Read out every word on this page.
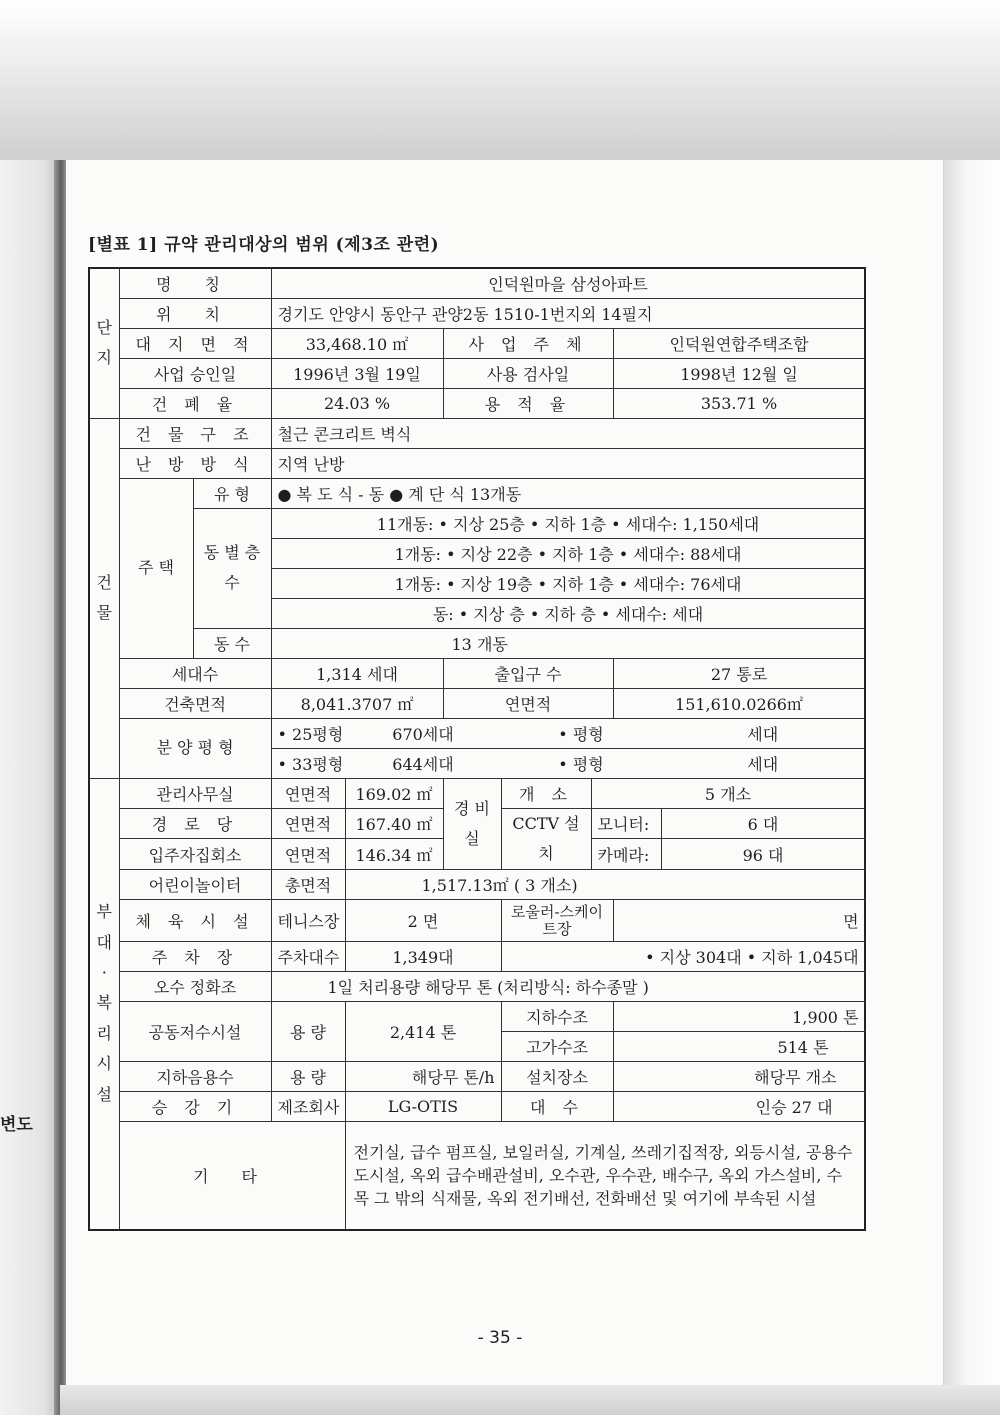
변도
[별표 1] 규약 관리대상의 범위 (제3조 관련)
단 지	명 칭		인덕원마을 삼성아파트						
	위 치		경기도 안양시 동안구 관양2동 1510-1번지외 14필지						
	대 지 면 적		33,468.10 ㎡		사 업 주 체			인덕원연합주택조합	
	사업 승인일		1996년 3월 19일		사용 검사일			1998년 12월 일	
	건 폐 율		24.03 %		용 적 율			353.71 %	
건 물	건 물 구 조		철근 콘크리트 벽식						
	난 방 방 식		지역 난방						
	주 택	유 형	● 복 도 식 - 동 ● 계 단 식 13개동						
		동 별 층 수	11개동: • 지상 25층 • 지하 1층 • 세대수: 1,150세대						
			1개동: • 지상 22층 • 지하 1층 • 세대수: 88세대						
			1개동: • 지상 19층 • 지하 1층 • 세대수: 76세대						
			동: • 지상 층 • 지하 층 • 세대수: 세대						
		동 수	13 개동						
	세대수		1,314 세대		출입구 수			27 통로	
	건축면적		8,041.3707 ㎡		연면적			151,610.0266㎡	
	분 양 평 형		• 25평형	670세대		• 평형			세대
			• 33평형	644세대		• 평형			세대
부 대 · 복 리 시 설	관리사무실		연면적	169.02 ㎡	경 비 실	개 소	5 개소		
	경 로 당		연면적	167.40 ㎡		CCTV 설치	모니터:		6 대
	입주자집회소		연면적	146.34 ㎡			카메라:		96 대
	어린이놀이터		총면적	1,517.13㎡ ( 3 개소)					
	체 육 시 설		테니스장	2 면		로울러-스케이트장		면	
	주 차 장		주차대수	1,349대		• 지상 304대 • 지하 1,045대			
	오수 정화조		1일 처리용량 해당무 톤 (처리방식: 하수종말 )						
	공동저수시설		용 량	2,414 톤		지하수조		1,900 톤	
						고가수조		514 톤	
	지하음용수		용 량	해당무 톤/h		설치장소		해당무 개소	
	승 강 기		제조회사	LG-OTIS		대 수		인승 27 대	
	기 타			전기실, 급수 펌프실, 보일러실, 기계실, 쓰레기집적장, 외등시설, 공용수도시설, 옥외 급수배관설비, 오수관, 우수관, 배수구, 옥외 가스설비, 수목 그 밖의 식재물, 옥외 전기배선, 전화배선 및 여기에 부속된 시설					
- 35 -
